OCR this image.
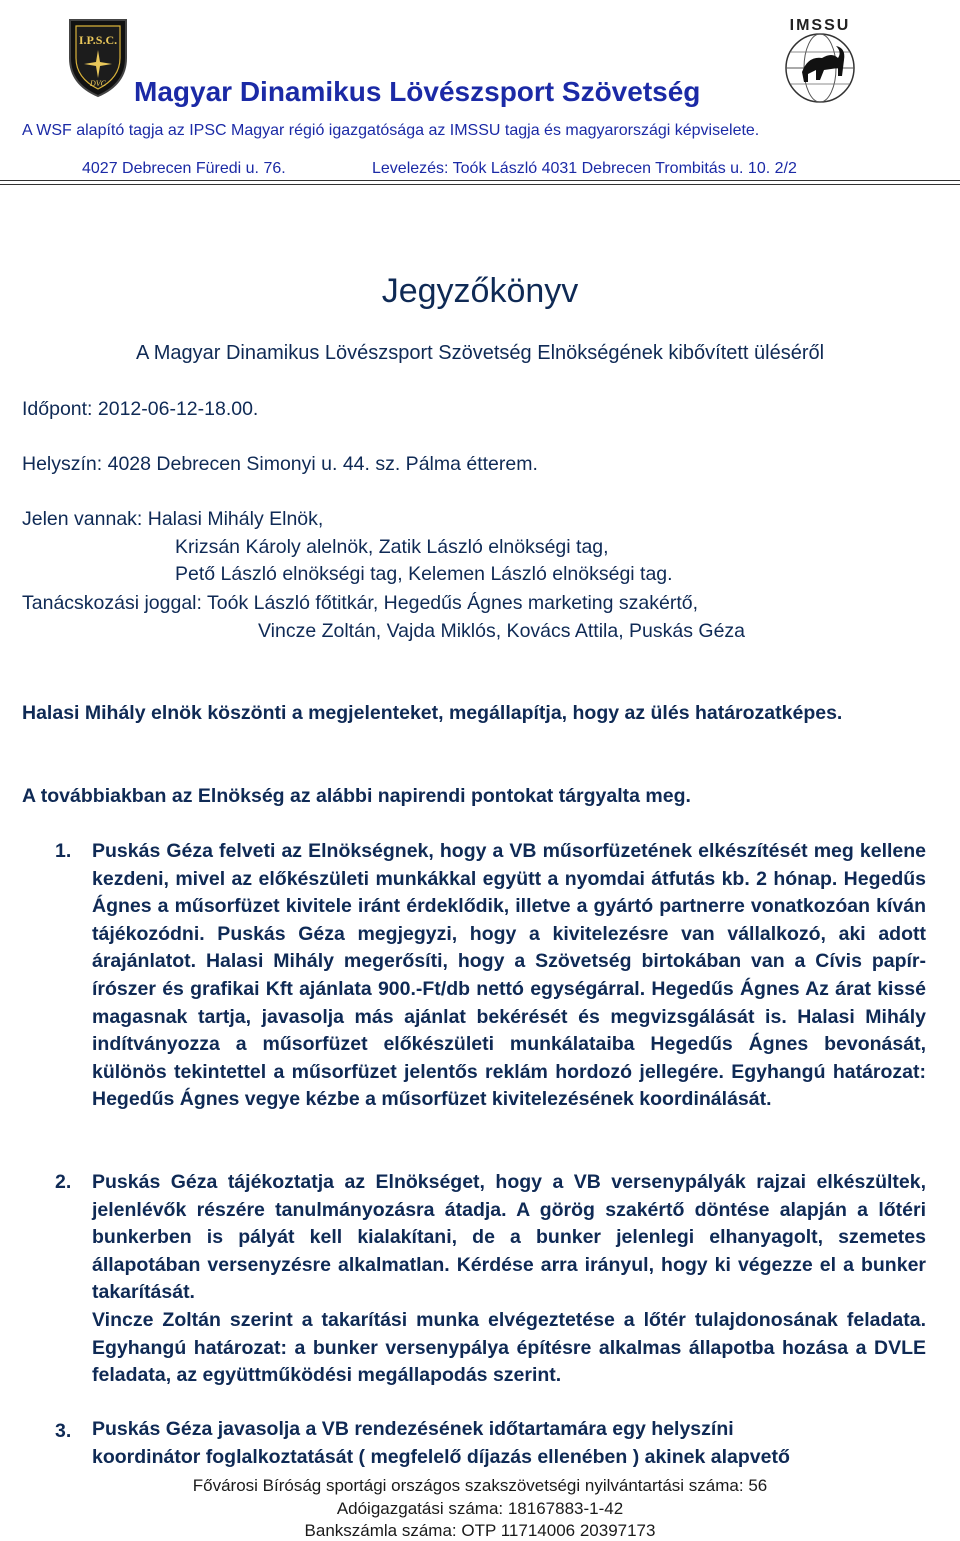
I.P.S.C.
DVC
IMSSU
Magyar Dinamikus Lövészsport Szövetség
A WSF alapító tagja az IPSC Magyar régió igazgatósága az IMSSU tagja és magyarországi képviselete.
4027 Debrecen Füredi u. 76.	Levelezés: Toók László 4031 Debrecen Trombitás u. 10. 2/2
Jegyzőkönyv
A Magyar Dinamikus Lövészsport Szövetség Elnökségének kibővített üléséről
Időpont: 2012-06-12-18.00.
Helyszín: 4028 Debrecen Simonyi u. 44. sz. Pálma étterem.
Jelen vannak: Halasi Mihály Elnök,
Krizsán Károly alelnök, Zatik László elnökségi tag,
Pető László elnökségi tag, Kelemen László elnökségi tag.
Tanácskozási joggal: Toók László főtitkár, Hegedűs Ágnes marketing szakértő,
Vincze Zoltán, Vajda Miklós, Kovács Attila, Puskás Géza
Halasi Mihály elnök köszönti a megjelenteket, megállapítja, hogy az ülés határozatképes.
A továbbiakban az Elnökség az alábbi napirendi pontokat tárgyalta meg.
1. Puskás Géza felveti az Elnökségnek, hogy a VB műsorfüzetének elkészítését meg kellene kezdeni, mivel az előkészületi munkákkal együtt a nyomdai átfutás kb. 2 hónap. Hegedűs Ágnes a műsorfüzet kivitele iránt érdeklődik, illetve a gyártó partnerre vonatkozóan kíván tájékozódni. Puskás Géza megjegyzi, hogy a kivitelezésre van vállalkozó, aki adott árajánlatot. Halasi Mihály megerősíti, hogy a Szövetség birtokában van a Cívis papír-írószer és grafikai Kft ajánlata 900.-Ft/db nettó egységárral. Hegedűs Ágnes Az árat kissé magasnak tartja, javasolja más ajánlat bekérését és megvizsgálását is. Halasi Mihály indítványozza a műsorfüzet előkészületi munkálataiba Hegedűs Ágnes bevonását, különös tekintettel a műsorfüzet jelentős reklám hordozó jellegére. Egyhangú határozat: Hegedűs Ágnes vegye kézbe a műsorfüzet kivitelezésének koordinálását.
2. Puskás Géza tájékoztatja az Elnökséget, hogy a VB versenypályák rajzai elkészültek, jelenlévők részére tanulmányozásra átadja. A görög szakértő döntése alapján a lőtéri bunkerben is pályát kell kialakítani, de a bunker jelenlegi elhanyagolt, szemetes állapotában versenyzésre alkalmatlan. Kérdése arra irányul, hogy ki végezze el a bunker takarítását.
Vincze Zoltán szerint a takarítási munka elvégeztetése a lőtér tulajdonosának feladata. Egyhangú határozat: a bunker versenypálya építésre alkalmas állapotba hozása a DVLE feladata, az együttműködési megállapodás szerint.
3. Puskás Géza javasolja a VB rendezésének időtartamára egy helyszíni
koordinátor foglalkoztatását ( megfelelő díjazás ellenében ) akinek alapvető
Fővárosi Bíróság sportági országos szakszövetségi nyilvántartási száma: 56
Adóigazgatási száma: 18167883-1-42
Bankszámla száma: OTP 11714006 20397173
